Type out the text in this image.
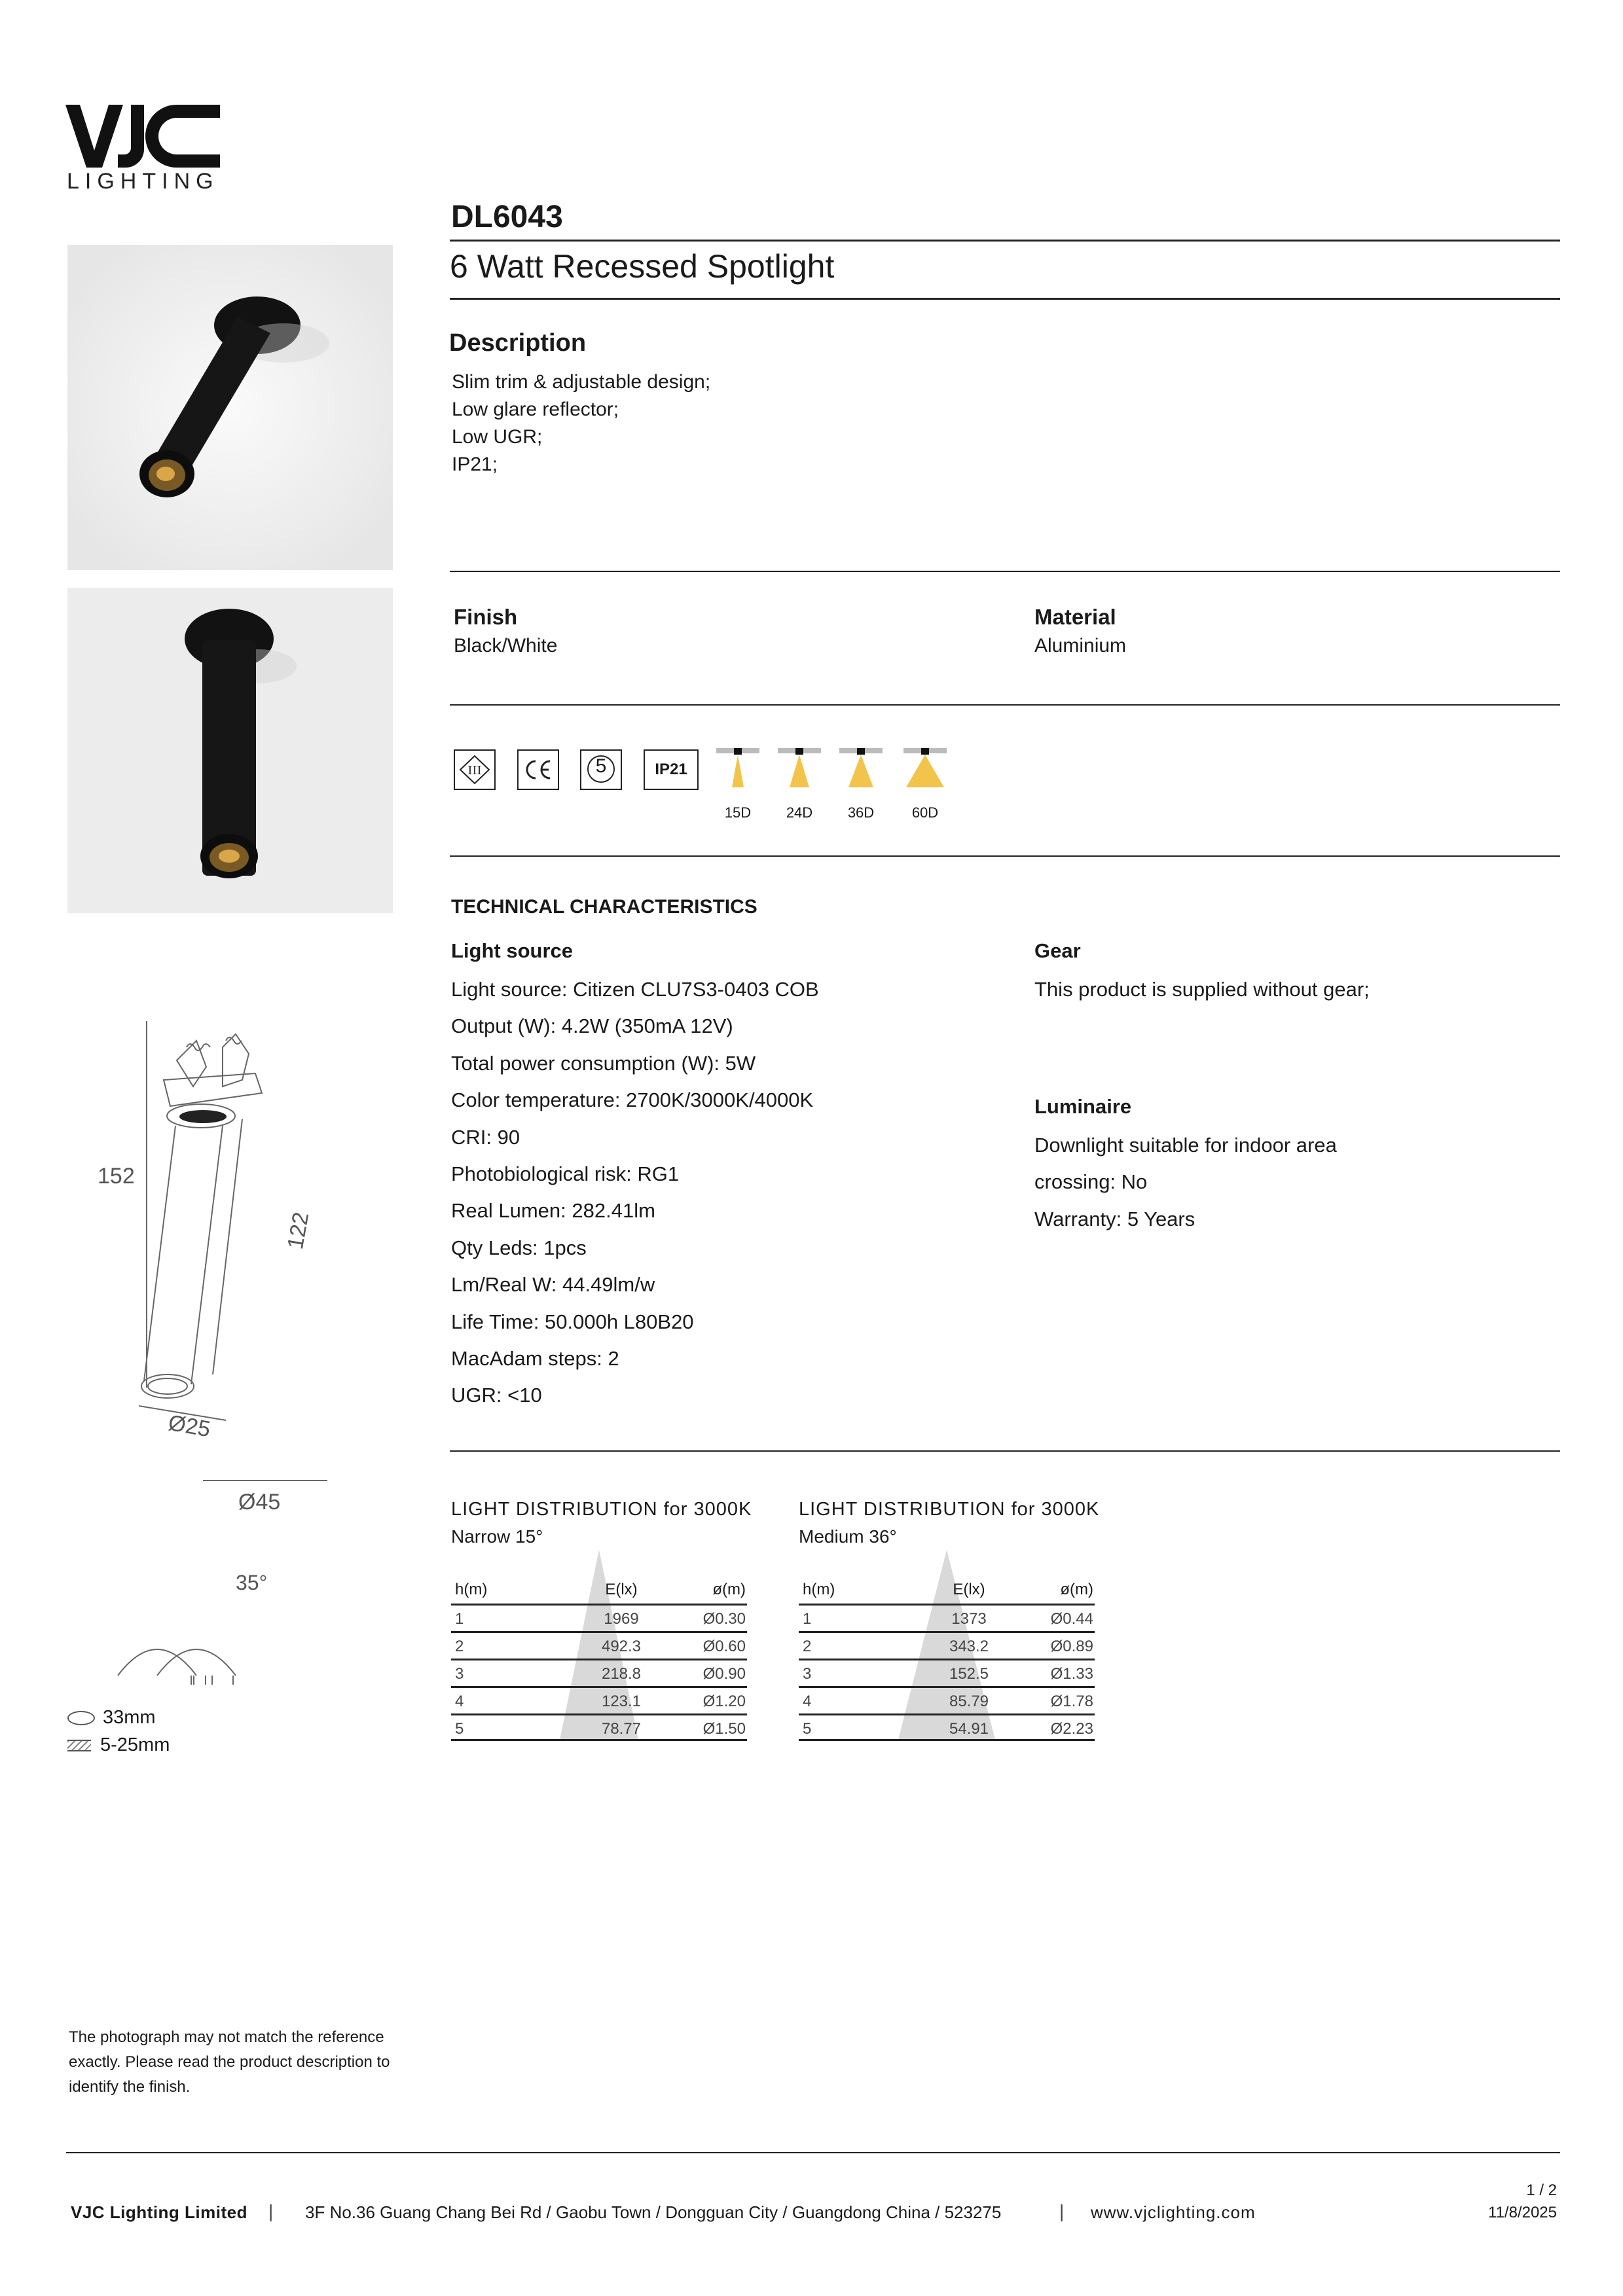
LIGHTING
DL6043
6 Watt Recessed Spotlight
Description
Slim trim & adjustable design;
Low glare reflector;
Low UGR;
IP21;
Finish
Black/White
Material
Aluminium
III	5	IP21
15D	24D	36D	60D
TECHNICAL CHARACTERISTICS
Light source
Light source: Citizen CLU7S3-0403 COB
Output (W): 4.2W (350mA 12V)
Total power consumption (W): 5W
Color temperature: 2700K/3000K/4000K
CRI: 90
Photobiological risk: RG1
Real Lumen: 282.41lm
Qty Leds: 1pcs
Lm/Real W: 44.49lm/w
Life Time: 50.000h L80B20
MacAdam steps: 2
UGR: <10
Gear
This product is supplied without gear;
Luminaire
Downlight suitable for indoor area
crossing: No
Warranty: 5 Years
152
122
Ø25
Ø45
35°
33mm
5-25mm
LIGHT DISTRIBUTION for 3000K
Narrow 15°
h(m)	E(lx)	ø(m)
1	1969	Ø0.30
2	492.3	Ø0.60
3	218.8	Ø0.90
4	123.1	Ø1.20
5	78.77	Ø1.50
LIGHT DISTRIBUTION for 3000K
Medium 36°
h(m)	E(lx)	ø(m)
1	1373	Ø0.44
2	343.2	Ø0.89
3	152.5	Ø1.33
4	85.79	Ø1.78
5	54.91	Ø2.23
The photograph may not match the reference exactly. Please read the product description to identify the finish.
VJC Lighting Limited | 3F No.36 Guang Chang Bei Rd / Gaobu Town / Dongguan City / Guangdong China / 523275	| www.vjclighting.com
1 / 2
11/8/2025
